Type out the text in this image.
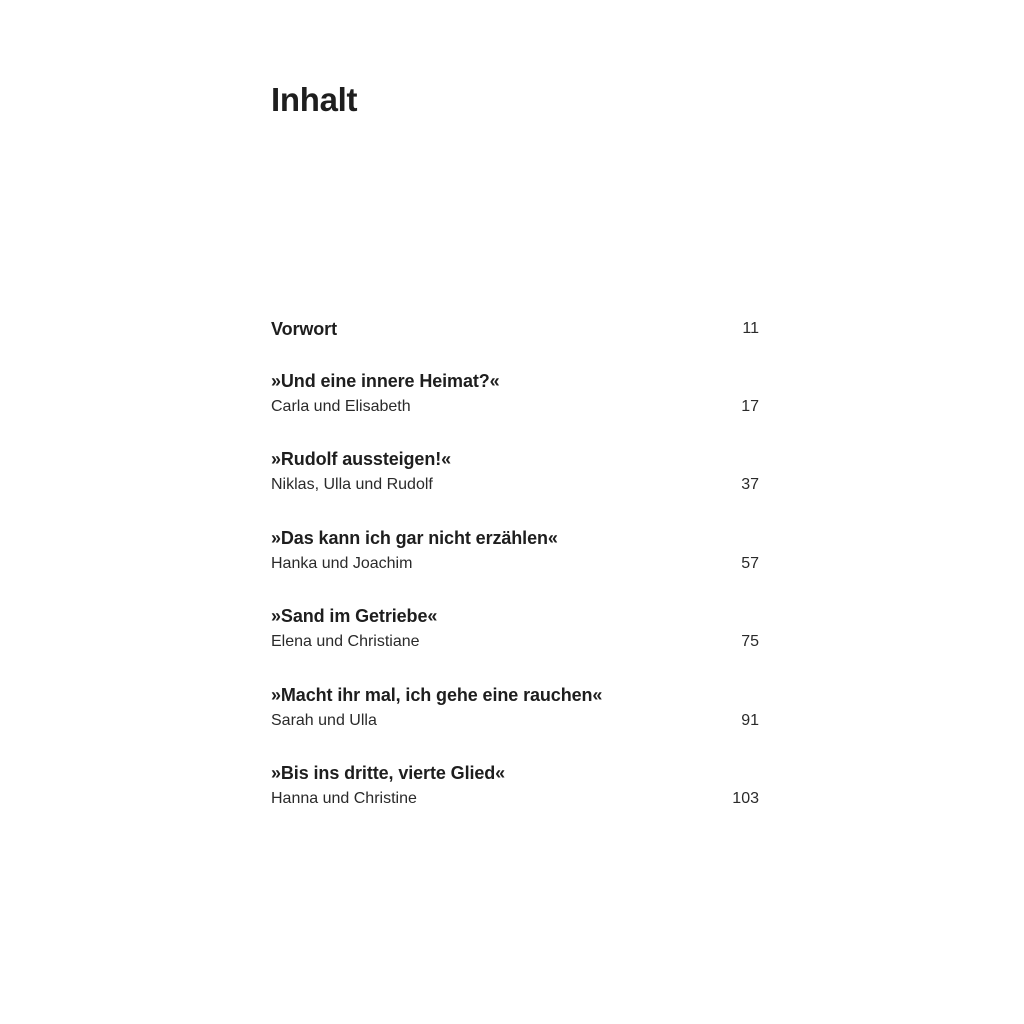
Inhalt
Vorwort	11
»Und eine innere Heimat?«
Carla und Elisabeth	17
»Rudolf aussteigen!«
Niklas, Ulla und Rudolf	37
»Das kann ich gar nicht erzählen«
Hanka und Joachim	57
»Sand im Getriebe«
Elena und Christiane	75
»Macht ihr mal, ich gehe eine rauchen«
Sarah und Ulla	91
»Bis ins dritte, vierte Glied«
Hanna und Christine	103
